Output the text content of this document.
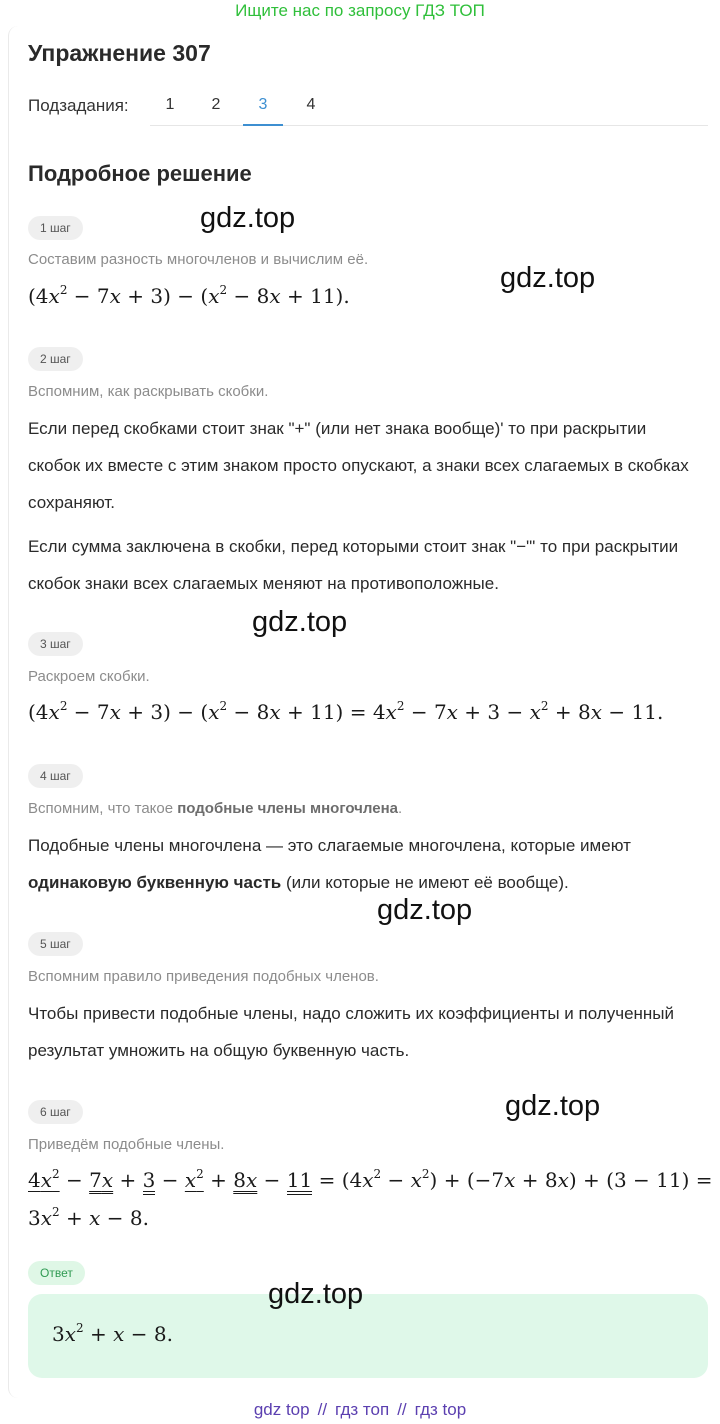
Ищите нас по запросу ГДЗ ТОП
Упражнение 307
Подзадания:	1	2	3	4
Подробное решение
1 шаг
Составим разность многочленов и вычислим её.
$(4x^2 - 7x + 3) - (x^2 - 8x + 11)$.
2 шаг
Вспомним, как раскрывать скобки.
Если перед скобками стоит знак "+" (или нет знака вообще)' то при раскрытии скобок их вместе с этим знаком просто опускают, а знаки всех слагаемых в скобках сохраняют.
Если сумма заключена в скобки, перед которыми стоит знак "−"' то при раскрытии скобок знаки всех слагаемых меняют на противоположные.
3 шаг
Раскроем скобки.
$(4x^2 - 7x + 3) - (x^2 - 8x + 11) = 4x^2 - 7x + 3 - x^2 + 8x - 11$.
4 шаг
Вспомним, что такое подобные члены многочлена.
Подобные члены многочлена — это слагаемые многочлена, которые имеют одинаковую буквенную часть (или которые не имеют её вообще).
5 шаг
Вспомним правило приведения подобных членов.
Чтобы привести подобные члены, надо сложить их коэффициенты и полученный результат умножить на общую буквенную часть.
6 шаг
Приведём подобные члены.
$4x^2 - 7x + 3 - x^2 + 8x - 11 = (4x^2 - x^2) + (-7x + 8x) + (3 - 11)$ =
$3x^2 + x - 8$.
Ответ
$3x^2 + x - 8$.
gdz.top
gdz.top
gdz.top
gdz.top
gdz.top
gdz.top
gdz top // гдз топ // гдз top
